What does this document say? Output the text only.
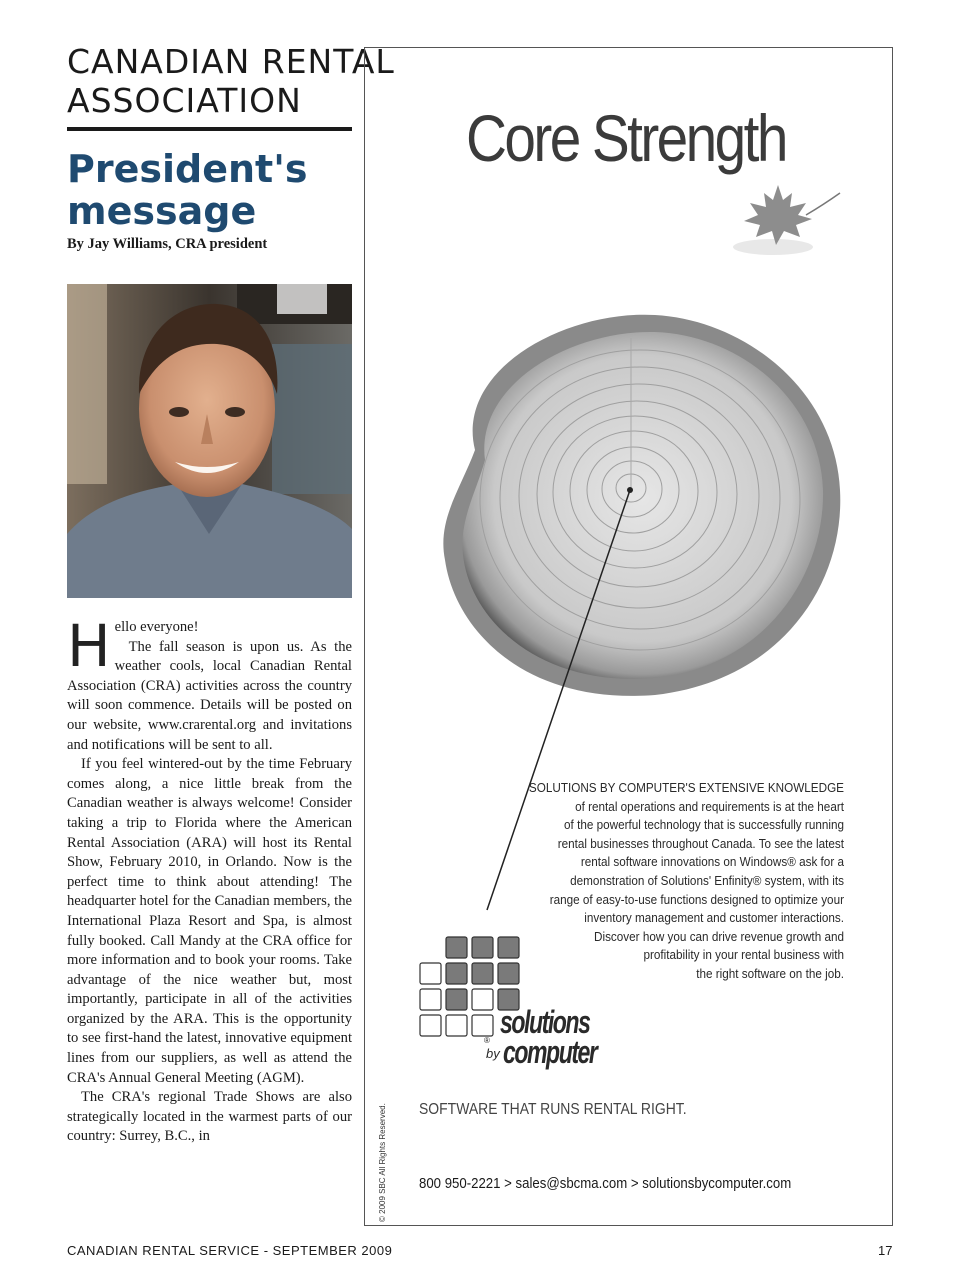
CANADIAN RENTAL
ASSOCIATION
President's
message
By Jay Williams, CRA president

Hello everyone!

The fall season is upon us. As the weather cools, local Canadian Rental Association (CRA) activities across the country will soon commence. Details will be posted on our website, www.crarental.org and invitations and notifications will be sent to all.

If you feel wintered-out by the time February comes along, a nice little break from the Canadian weather is always welcome! Consider taking a trip to Florida where the American Rental Association (ARA) will host its Rental Show, February 2010, in Orlando. Now is the perfect time to think about attending! The headquarter hotel for the Canadian members, the International Plaza Resort and Spa, is almost fully booked. Call Mandy at the CRA office for more information and to book your rooms. Take advantage of the nice weather but, most importantly, participate in all of the activities organized by the ARA. This is the opportunity to see first-hand the latest, innovative equipment lines from our suppliers, as well as attend the CRA's Annual General Meeting (AGM).

The CRA's regional Trade Shows are also strategically located in the warmest parts of our country: Surrey, B.C., in

Core Strength
SOLUTIONS BY COMPUTER'S EXTENSIVE KNOWLEDGE
of rental operations and requirements is at the heart
of the powerful technology that is successfully running
rental businesses throughout Canada. To see the latest
rental software innovations on Windows® ask for a
demonstration of Solutions' Enfinity® system, with its
range of easy-to-use functions designed to optimize your
inventory management and customer interactions.
Discover how you can drive revenue growth and
profitability in your rental business with
the right software on the job.
solutions
®
by computer
SOFTWARE THAT RUNS RENTAL RIGHT.
© 2009 SBC All Rights Reserved. 800 950-2221 > sales@sbcma.com > solutionsbycomputer.com
CANADIAN RENTAL SERVICE - SEPTEMBER 2009	17
